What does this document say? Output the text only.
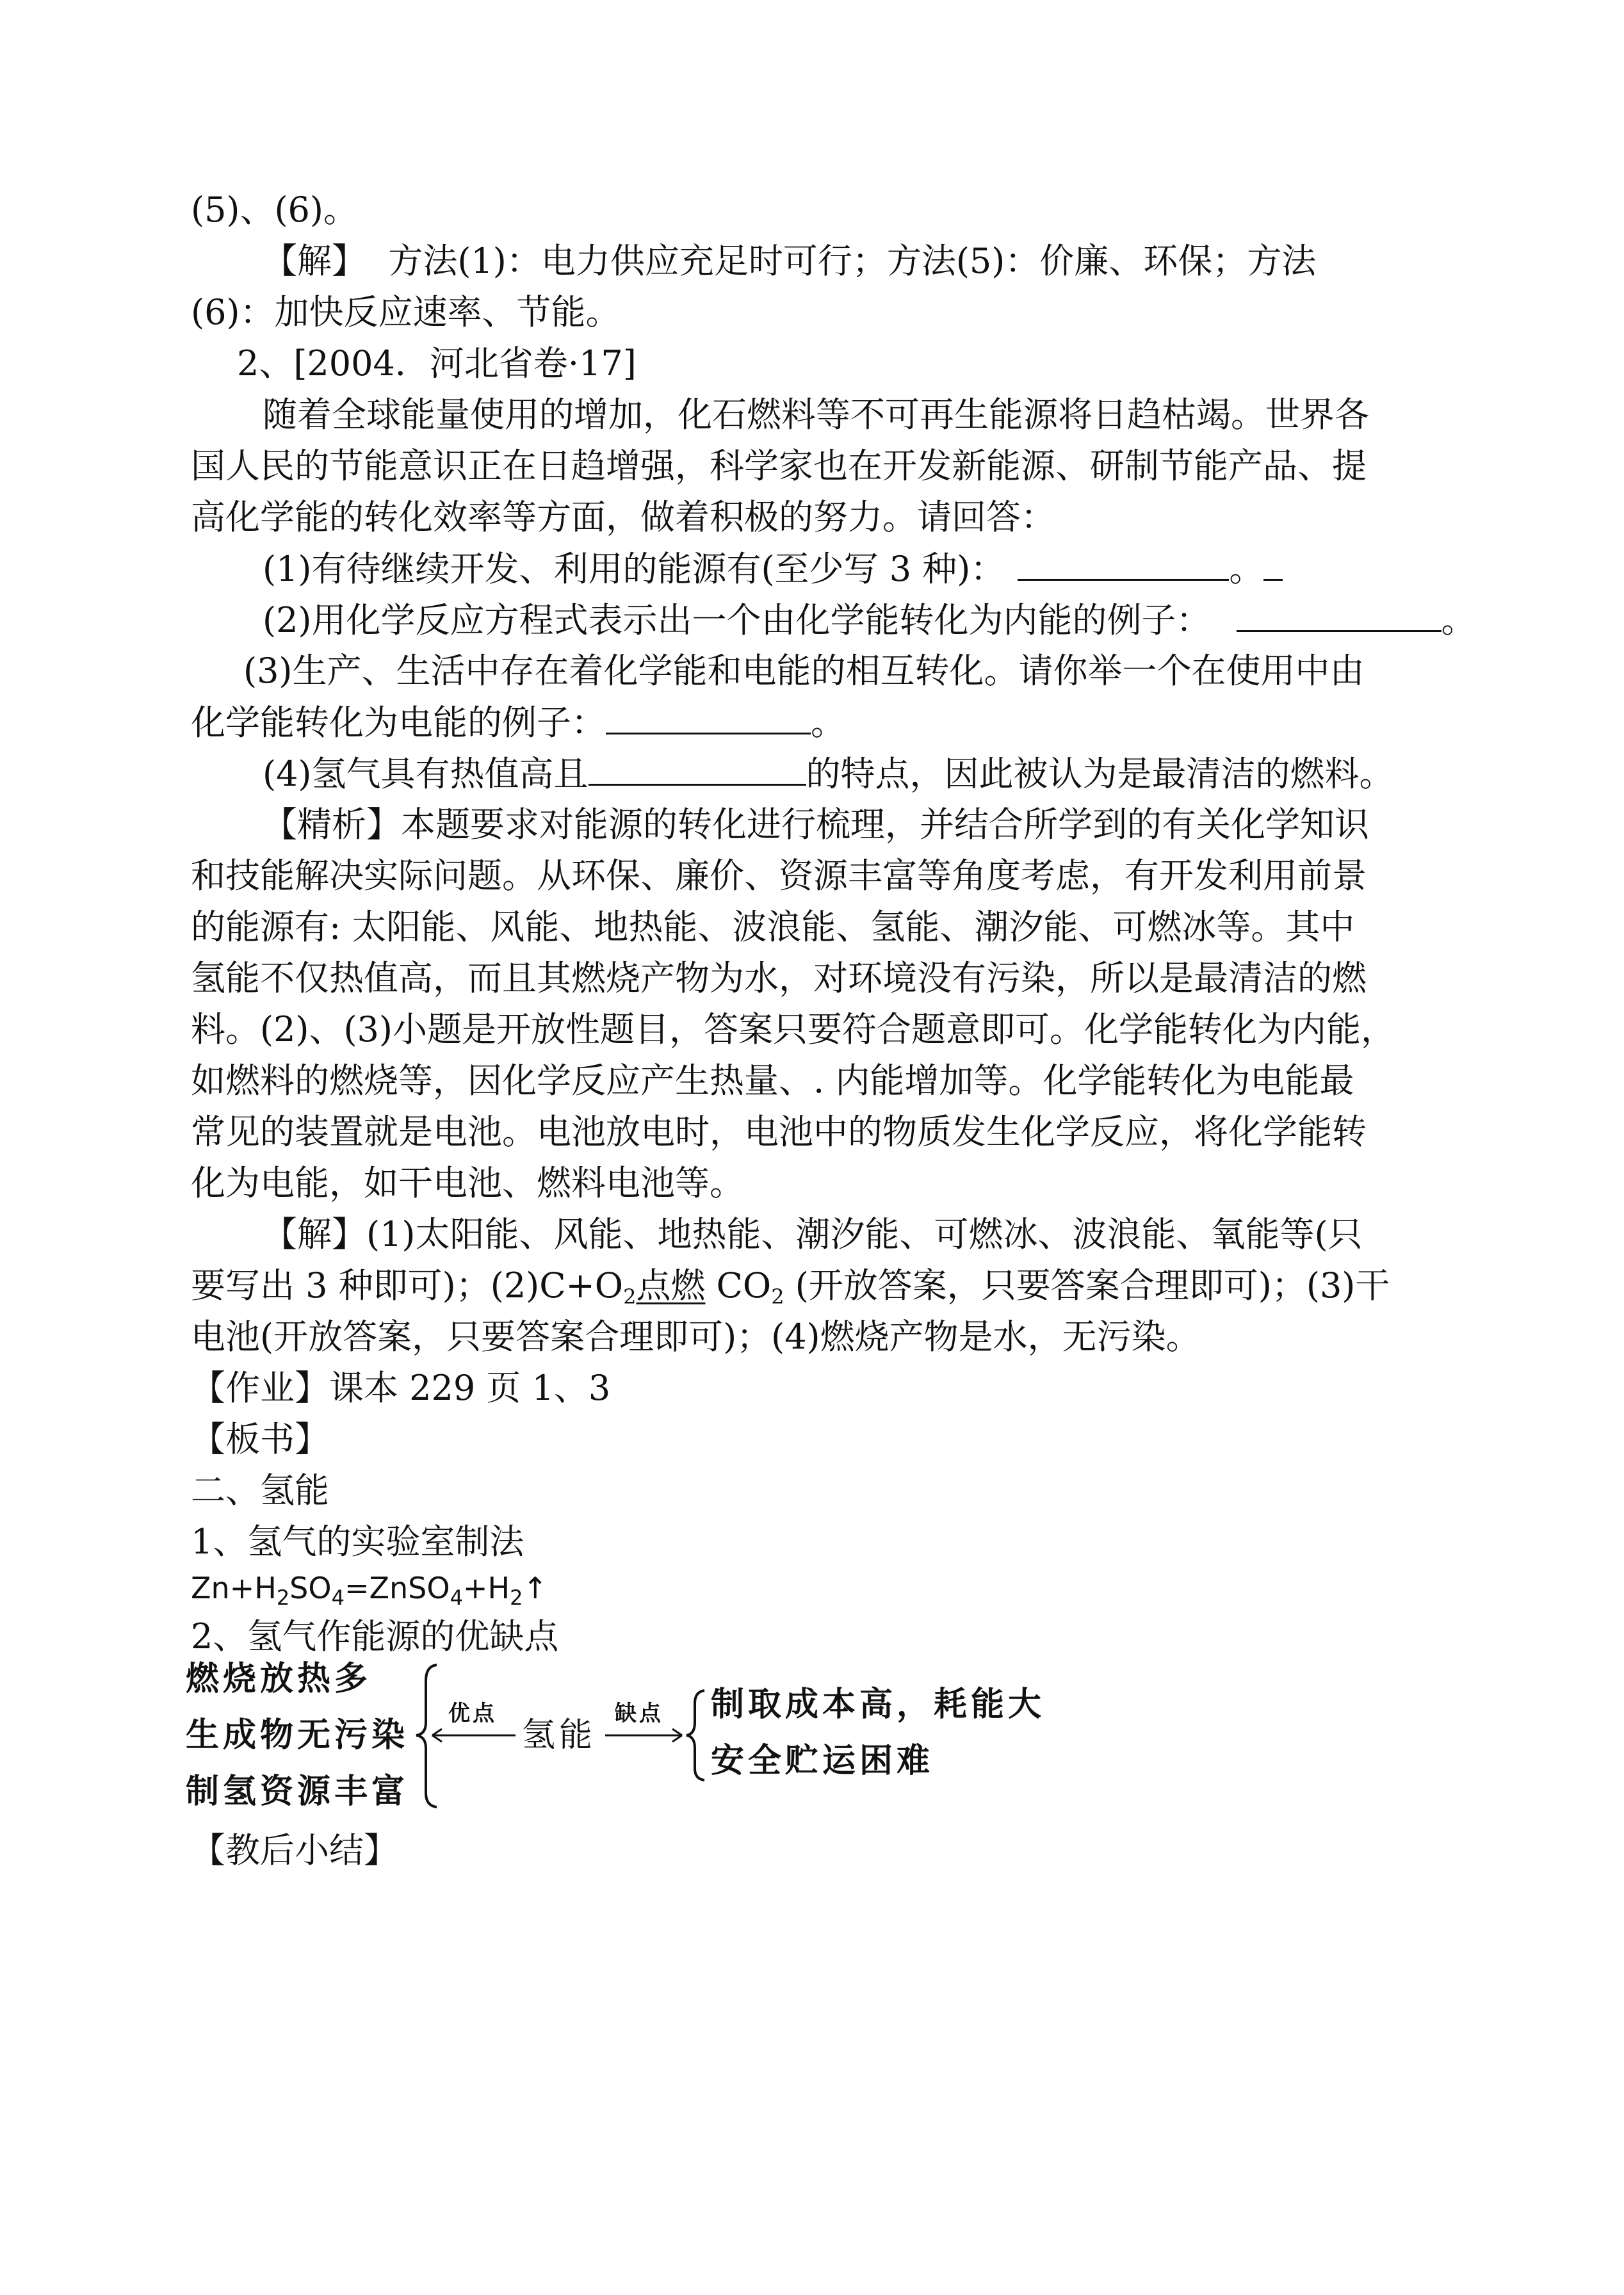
(5)、(6)。
【解】  方法(1)：电力供应充足时可行；方法(5)：价廉、环保；方法
(6)：加快反应速率、节能。
2、[2004．河北省卷·17]
随着全球能量使用的增加，化石燃料等不可再生能源将日趋枯竭。世界各
国人民的节能意识正在日趋增强，科学家也在开发新能源、研制节能产品、提
高化学能的转化效率等方面，做着积极的努力。请回答：
(1)有待继续开发、利用的能源有(至少写 3 种)：	。
(2)用化学反应方程式表示出一个由化学能转化为内能的例子：	。
(3)生产、生活中存在着化学能和电能的相互转化。请你举一个在使用中由
化学能转化为电能的例子：	。
(4)氢气具有热值高且	的特点，因此被认为是最清洁的燃料。
【精析】本题要求对能源的转化进行梳理，并结合所学到的有关化学知识
和技能解决实际问题。从环保、廉价、资源丰富等角度考虑，有开发利用前景
的能源有: 太阳能、风能、地热能、波浪能、氢能、潮汐能、可燃冰等。其中
氢能不仅热值高，而且其燃烧产物为水，对环境没有污染，所以是最清洁的燃
料。(2)、(3)小题是开放性题目，答案只要符合题意即可。化学能转化为内能，
如燃料的燃烧等，因化学反应产生热量、. 内能增加等。化学能转化为电能最
常见的装置就是电池。电池放电时，电池中的物质发生化学反应，将化学能转
化为电能，如干电池、燃料电池等。
【解】(1)太阳能、风能、地热能、潮汐能、可燃冰、波浪能、氧能等(只
要写出 3 种即可)；$(2)C+O_2$点燃 $CO_2$ (开放答案，只要答案合理即可)；(3)干
电池(开放答案，只要答案合理即可)；(4)燃烧产物是水，无污染。
【作业】课本 229 页 1、3
【板书】
二、氢能
1、氢气的实验室制法
$Zn+H_2SO_4=ZnSO_4+H_2↑$
2、氢气作能源的优缺点
燃烧放热多
生成物无污染
制氢资源丰富
优点
氢能
缺点 制取成本高，耗能大
安全贮运困难
【教后小结】
